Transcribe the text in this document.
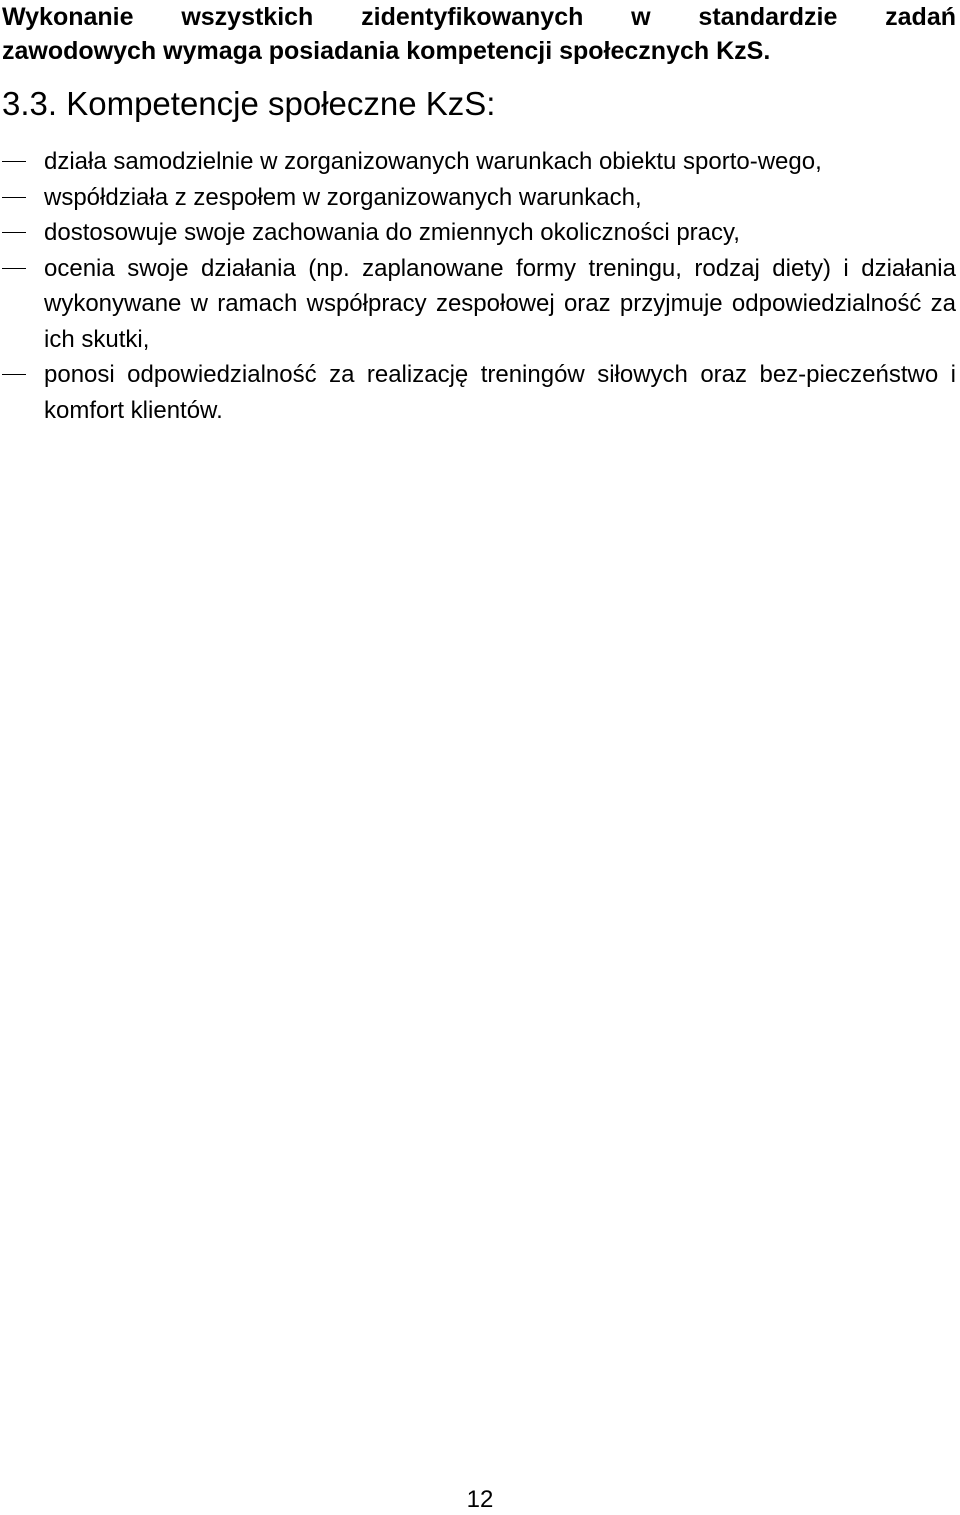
Wykonanie wszystkich zidentyfikowanych w standardzie zadań
zawodowych wymaga posiadania kompetencji społecznych KzS.
3.3. Kompetencje społeczne KzS:
działa samodzielnie w zorganizowanych warunkach obiektu sporto-wego,
współdziała z zespołem w zorganizowanych warunkach,
dostosowuje swoje zachowania do zmiennych okoliczności pracy,
ocenia swoje działania (np. zaplanowane formy treningu, rodzaj diety) i działania wykonywane w ramach współpracy zespołowej oraz przyjmuje odpowiedzialność za ich skutki,
ponosi odpowiedzialność za realizację treningów siłowych oraz bez-pieczeństwo i komfort klientów.
12
